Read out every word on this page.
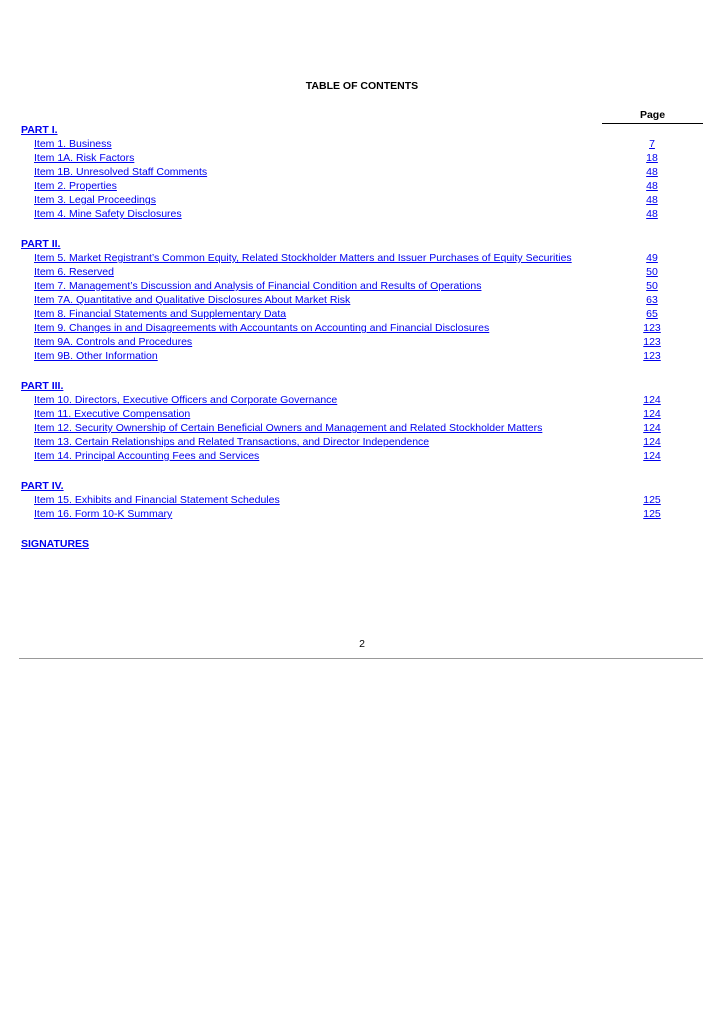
TABLE OF CONTENTS
Page
PART I.
Item 1. Business	7
Item 1A. Risk Factors	18
Item 1B. Unresolved Staff Comments	48
Item 2. Properties	48
Item 3. Legal Proceedings	48
Item 4. Mine Safety Disclosures	48
PART II.
Item 5. Market Registrant’s Common Equity, Related Stockholder Matters and Issuer Purchases of Equity Securities	49
Item 6. Reserved	50
Item 7. Management’s Discussion and Analysis of Financial Condition and Results of Operations	50
Item 7A. Quantitative and Qualitative Disclosures About Market Risk	63
Item 8. Financial Statements and Supplementary Data	65
Item 9. Changes in and Disagreements with Accountants on Accounting and Financial Disclosures	123
Item 9A. Controls and Procedures	123
Item 9B. Other Information	123
PART III.
Item 10. Directors, Executive Officers and Corporate Governance	124
Item 11. Executive Compensation	124
Item 12. Security Ownership of Certain Beneficial Owners and Management and Related Stockholder Matters	124
Item 13. Certain Relationships and Related Transactions, and Director Independence	124
Item 14. Principal Accounting Fees and Services	124
PART IV.
Item 15. Exhibits and Financial Statement Schedules	125
Item 16. Form 10-K Summary	125
SIGNATURES
2
